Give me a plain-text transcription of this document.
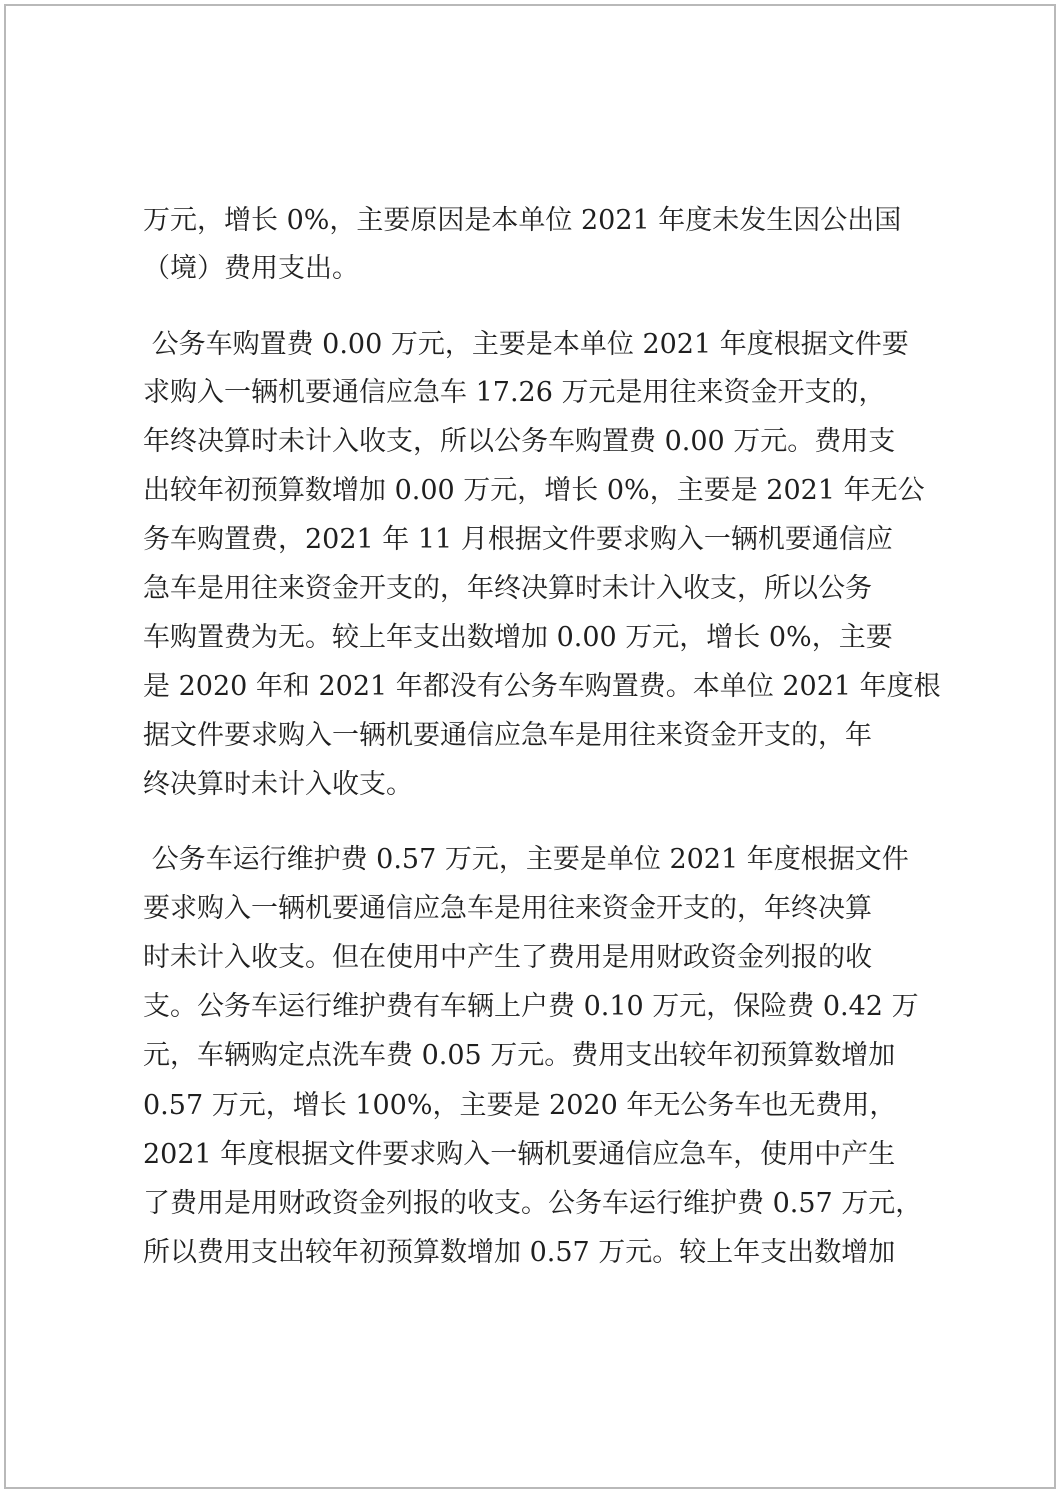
万元，增长 0%，主要原因是本单位 2021 年度未发生因公出国
（境）费用支出。
公务车购置费 0.00 万元，主要是本单位 2021 年度根据文件要
求购入一辆机要通信应急车 17.26 万元是用往来资金开支的，
年终决算时未计入收支，所以公务车购置费 0.00 万元。费用支
出较年初预算数增加 0.00 万元，增长 0%，主要是 2021 年无公
务车购置费，2021 年 11 月根据文件要求购入一辆机要通信应
急车是用往来资金开支的，年终决算时未计入收支，所以公务
车购置费为无。较上年支出数增加 0.00 万元，增长 0%，主要
是 2020 年和 2021 年都没有公务车购置费。本单位 2021 年度根
据文件要求购入一辆机要通信应急车是用往来资金开支的，年
终决算时未计入收支。
公务车运行维护费 0.57 万元，主要是单位 2021 年度根据文件
要求购入一辆机要通信应急车是用往来资金开支的，年终决算
时未计入收支。但在使用中产生了费用是用财政资金列报的收
支。公务车运行维护费有车辆上户费 0.10 万元，保险费 0.42 万
元，车辆购定点洗车费 0.05 万元。费用支出较年初预算数增加
0.57 万元，增长 100%，主要是 2020 年无公务车也无费用，
2021 年度根据文件要求购入一辆机要通信应急车，使用中产生
了费用是用财政资金列报的收支。公务车运行维护费 0.57 万元，
所以费用支出较年初预算数增加 0.57 万元。较上年支出数增加
